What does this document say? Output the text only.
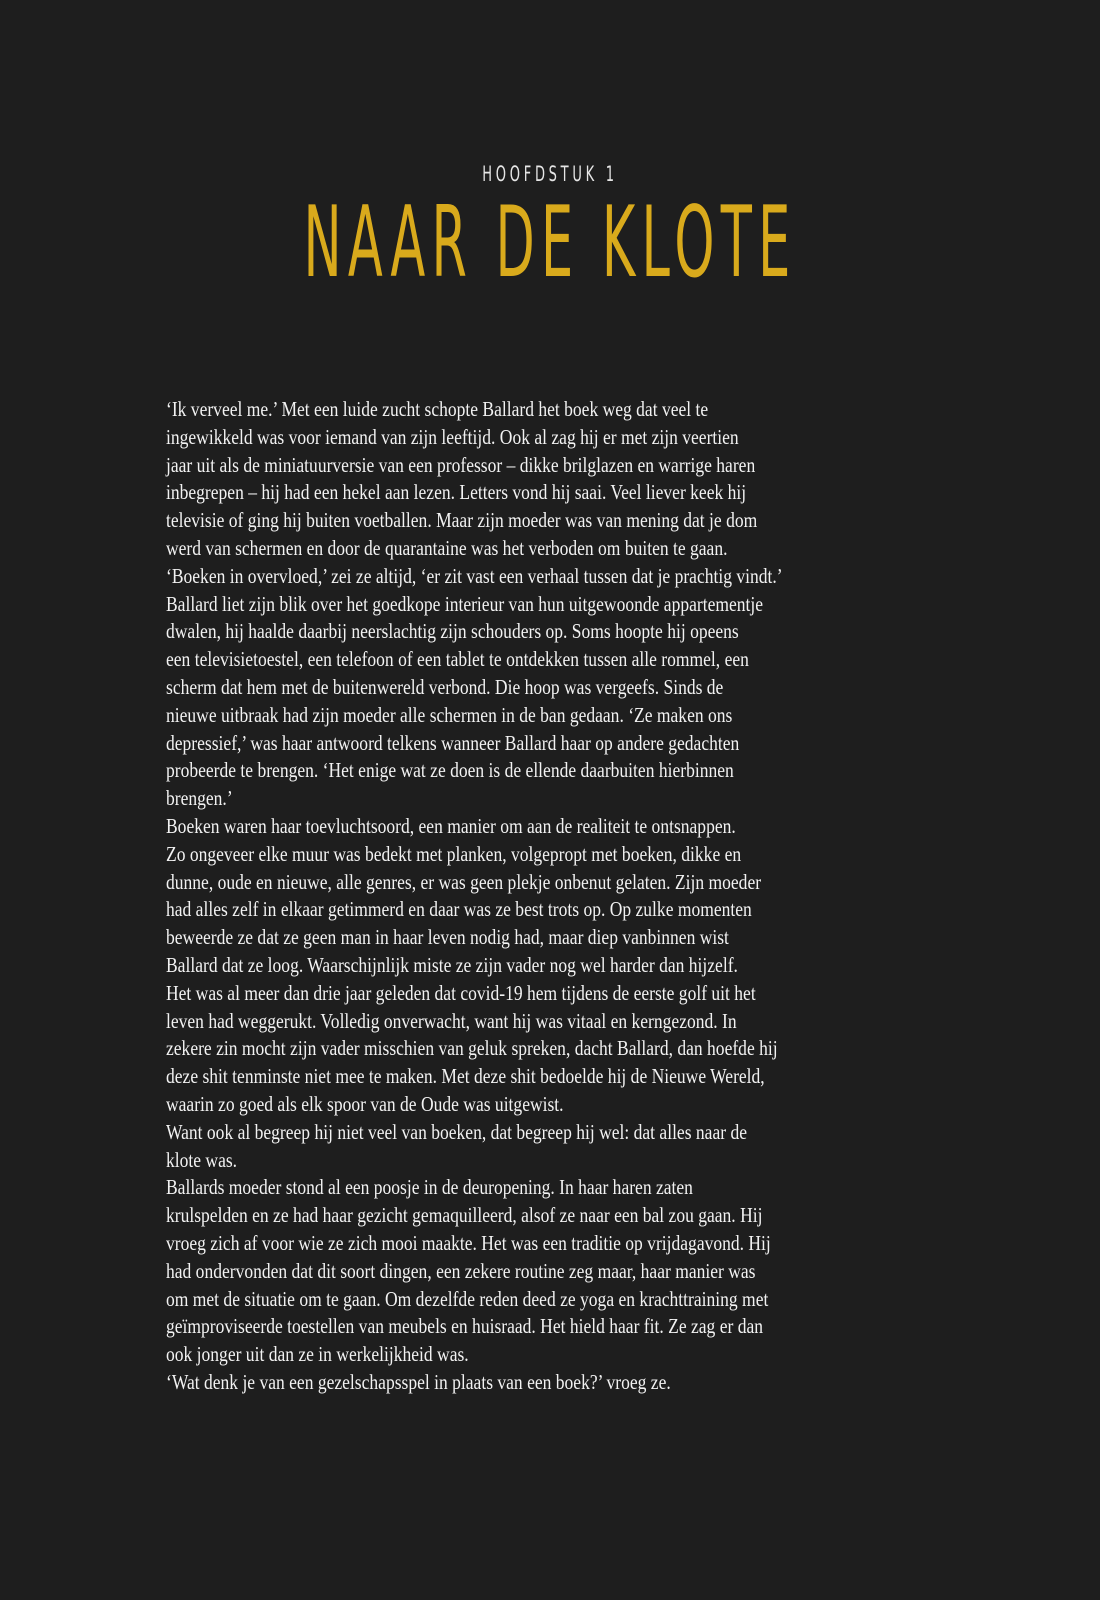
HOOFDSTUK 1
NAAR DE KLOTE
‘Ik verveel me.’ Met een luide zucht schopte Ballard het boek weg dat veel te
ingewikkeld was voor iemand van zijn leeftijd. Ook al zag hij er met zijn veertien
jaar uit als de miniatuurversie van een professor – dikke brilglazen en warrige haren
inbegrepen – hij had een hekel aan lezen. Letters vond hij saai. Veel liever keek hij
televisie of ging hij buiten voetballen. Maar zijn moeder was van mening dat je dom
werd van schermen en door de quarantaine was het verboden om buiten te gaan.
‘Boeken in overvloed,’ zei ze altijd, ‘er zit vast een verhaal tussen dat je prachtig vindt.’
Ballard liet zijn blik over het goedkope interieur van hun uitgewoonde appartementje
dwalen, hij haalde daarbij neerslachtig zijn schouders op. Soms hoopte hij opeens
een televisietoestel, een telefoon of een tablet te ontdekken tussen alle rommel, een
scherm dat hem met de buitenwereld verbond. Die hoop was vergeefs. Sinds de
nieuwe uitbraak had zijn moeder alle schermen in de ban gedaan. ‘Ze maken ons
depressief,’ was haar antwoord telkens wanneer Ballard haar op andere gedachten
probeerde te brengen. ‘Het enige wat ze doen is de ellende daarbuiten hierbinnen
brengen.’
Boeken waren haar toevluchtsoord, een manier om aan de realiteit te ontsnappen.
Zo ongeveer elke muur was bedekt met planken, volgepropt met boeken, dikke en
dunne, oude en nieuwe, alle genres, er was geen plekje onbenut gelaten. Zijn moeder
had alles zelf in elkaar getimmerd en daar was ze best trots op. Op zulke momenten
beweerde ze dat ze geen man in haar leven nodig had, maar diep vanbinnen wist
Ballard dat ze loog. Waarschijnlijk miste ze zijn vader nog wel harder dan hijzelf.
Het was al meer dan drie jaar geleden dat covid-19 hem tijdens de eerste golf uit het
leven had weggerukt. Volledig onverwacht, want hij was vitaal en kerngezond. In
zekere zin mocht zijn vader misschien van geluk spreken, dacht Ballard, dan hoefde hij
deze shit tenminste niet mee te maken. Met deze shit bedoelde hij de Nieuwe Wereld,
waarin zo goed als elk spoor van de Oude was uitgewist.
Want ook al begreep hij niet veel van boeken, dat begreep hij wel: dat alles naar de
klote was.
Ballards moeder stond al een poosje in de deuropening. In haar haren zaten
krulspelden en ze had haar gezicht gemaquilleerd, alsof ze naar een bal zou gaan. Hij
vroeg zich af voor wie ze zich mooi maakte. Het was een traditie op vrijdagavond. Hij
had ondervonden dat dit soort dingen, een zekere routine zeg maar, haar manier was
om met de situatie om te gaan. Om dezelfde reden deed ze yoga en krachttraining met
geïmproviseerde toestellen van meubels en huisraad. Het hield haar fit. Ze zag er dan
ook jonger uit dan ze in werkelijkheid was.
‘Wat denk je van een gezelschapsspel in plaats van een boek?’ vroeg ze.
